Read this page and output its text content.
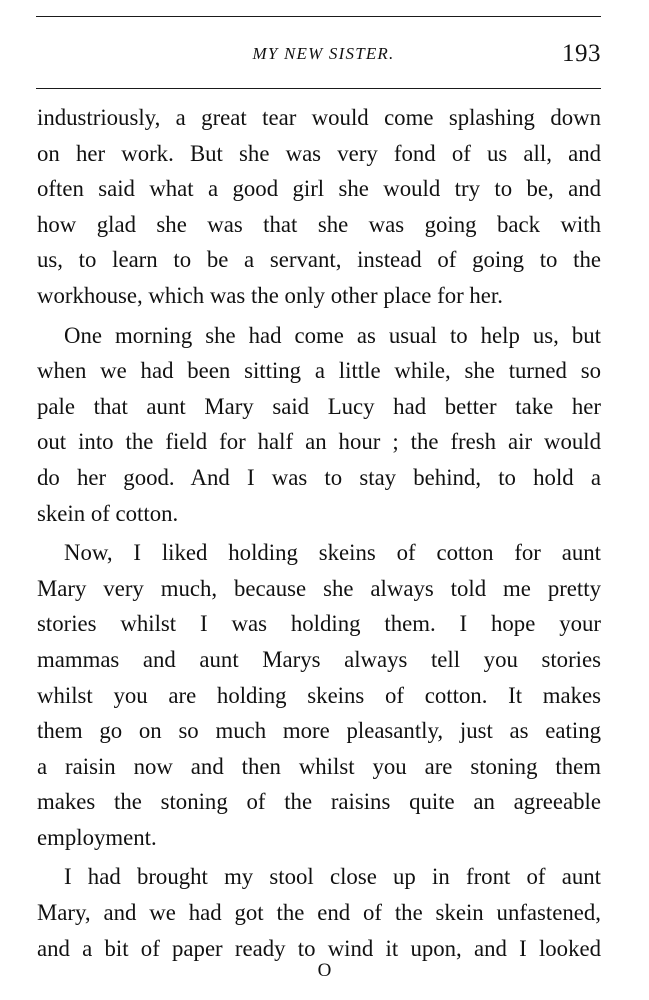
MY NEW SISTER.	193
industriously, a great tear would come splashing down
on her work. But she was very fond of us all, and
often said what a good girl she would try to be, and
how glad she was that she was going back with
us, to learn to be a servant, instead of going to the
workhouse, which was the only other place for her.
One morning she had come as usual to help us, but
when we had been sitting a little while, she turned so
pale that aunt Mary said Lucy had better take her
out into the field for half an hour ; the fresh air would
do her good. And I was to stay behind, to hold a
skein of cotton.
Now, I liked holding skeins of cotton for aunt
Mary very much, because she always told me pretty
stories whilst I was holding them. I hope your
mammas and aunt Marys always tell you stories
whilst you are holding skeins of cotton. It makes
them go on so much more pleasantly, just as eating
a raisin now and then whilst you are stoning them
makes the stoning of the raisins quite an agreeable
employment.
I had brought my stool close up in front of aunt
Mary, and we had got the end of the skein unfastened,
and a bit of paper ready to wind it upon, and I looked
O
